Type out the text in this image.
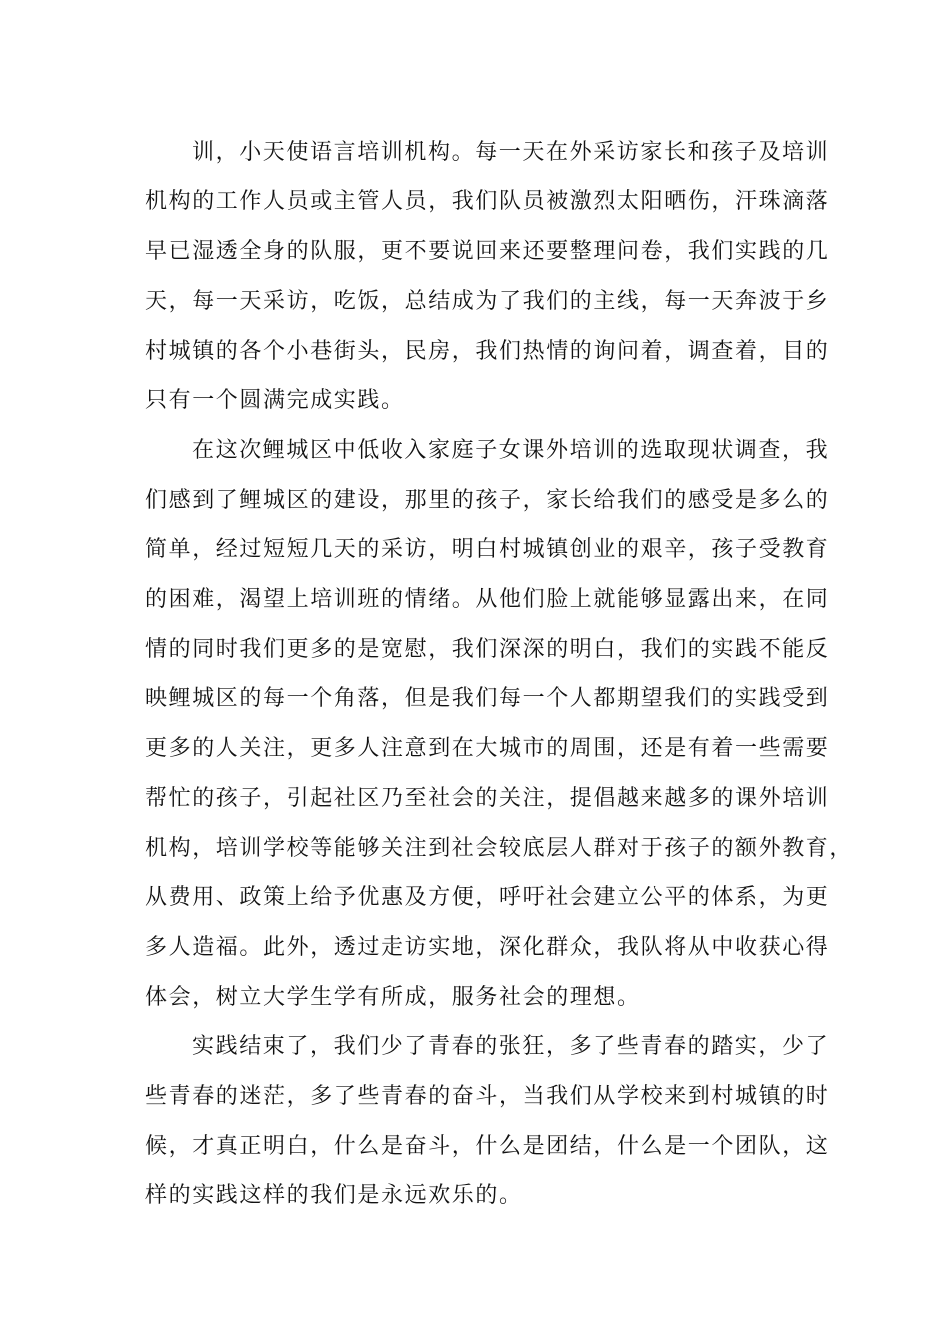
训，小天使语言培训机构。每一天在外采访家长和孩子及培训
机构的工作人员或主管人员，我们队员被激烈太阳晒伤，汗珠滴落
早已湿透全身的队服，更不要说回来还要整理问卷，我们实践的几
天，每一天采访，吃饭，总结成为了我们的主线，每一天奔波于乡
村城镇的各个小巷街头，民房，我们热情的询问着，调查着，目的
只有一个圆满完成实践。
在这次鲤城区中低收入家庭子女课外培训的选取现状调查，我
们感到了鲤城区的建设，那里的孩子，家长给我们的感受是多么的
简单，经过短短几天的采访，明白村城镇创业的艰辛，孩子受教育
的困难，渴望上培训班的情绪。从他们脸上就能够显露出来，在同
情的同时我们更多的是宽慰，我们深深的明白，我们的实践不能反
映鲤城区的每一个角落，但是我们每一个人都期望我们的实践受到
更多的人关注，更多人注意到在大城市的周围，还是有着一些需要
帮忙的孩子，引起社区乃至社会的关注，提倡越来越多的课外培训
机构，培训学校等能够关注到社会较底层人群对于孩子的额外教育，
从费用、政策上给予优惠及方便，呼吁社会建立公平的体系，为更
多人造福。此外，透过走访实地，深化群众，我队将从中收获心得
体会，树立大学生学有所成，服务社会的理想。
实践结束了，我们少了青春的张狂，多了些青春的踏实，少了
些青春的迷茫，多了些青春的奋斗，当我们从学校来到村城镇的时
候，才真正明白，什么是奋斗，什么是团结，什么是一个团队，这
样的实践这样的我们是永远欢乐的。
